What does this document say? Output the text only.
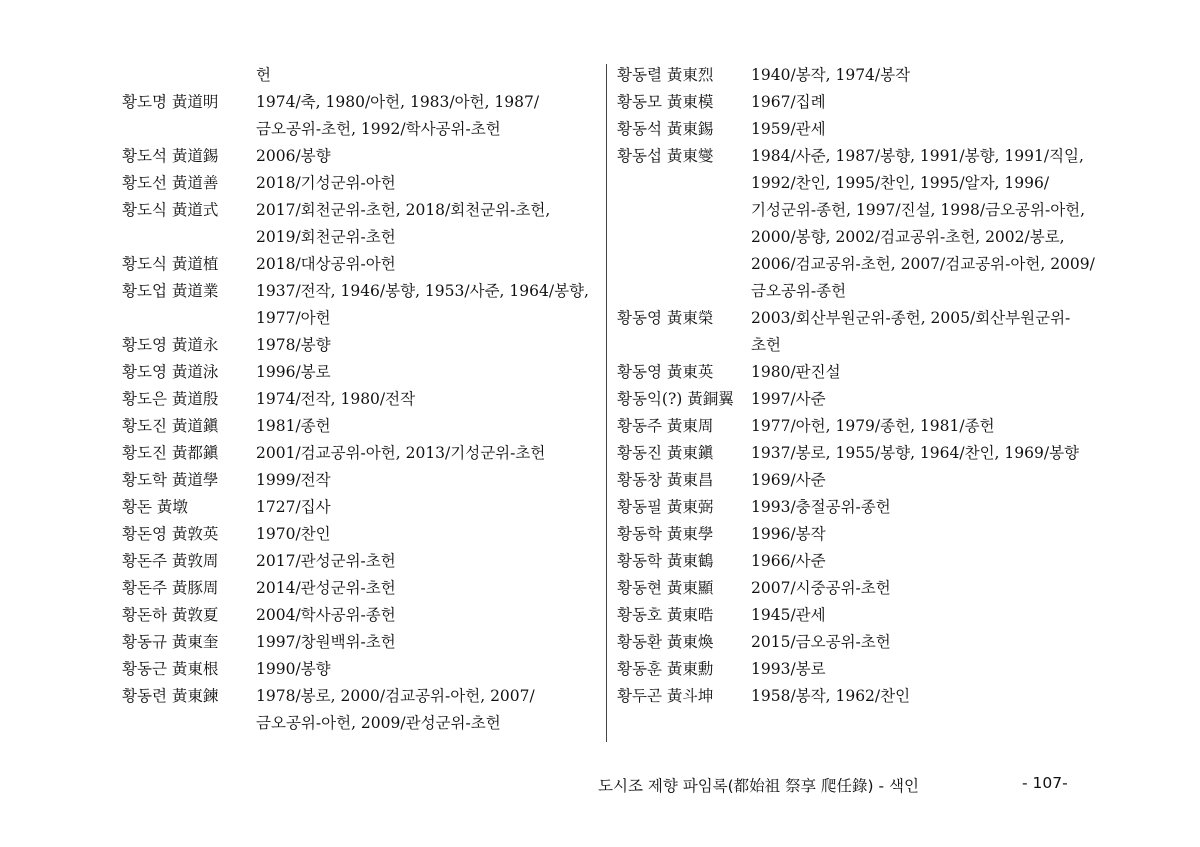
헌
황도명 黃道明 1974/축, 1980/아헌, 1983/아헌, 1987/금오공위-초헌, 1992/학사공위-초헌
황도석 黃道錫 2006/봉향
황도선 黃道善 2018/기성군위-아헌
황도식 黃道式 2017/회천군위-초헌, 2018/회천군위-초헌, 2019/회천군위-초헌
황도식 黃道植 2018/대상공위-아헌
황도업 黃道業 1937/전작, 1946/봉향, 1953/사준, 1964/봉향, 1977/아헌
황도영 黃道永 1978/봉향
황도영 黃道泳 1996/봉로
황도은 黃道殷 1974/전작, 1980/전작
황도진 黃道鎭 1981/종헌
황도진 黃都鎭 2001/검교공위-아헌, 2013/기성군위-초헌
황도학 黃道學 1999/전작
황돈 黃墩	1727/집사
황돈영 黃敦英 1970/찬인
황돈주 黃敦周 2017/관성군위-초헌
황돈주 黃豚周 2014/관성군위-초헌
황돈하 黃敦夏 2004/학사공위-종헌
황동규 黃東奎 1997/창원백위-초헌
황동근 黃東根 1990/봉향
황동련 黃東鍊 1978/봉로, 2000/검교공위-아헌, 2007/금오공위-아헌, 2009/관성군위-초헌
황동렬 黃東烈 1940/봉작, 1974/봉작
황동모 黃東模 1967/집례
황동석 黃東錫 1959/관세
황동섭 黃東燮 1984/사준, 1987/봉향, 1991/봉향, 1991/직일, 1992/찬인, 1995/찬인, 1995/알자, 1996/기성군위-종헌, 1997/진설, 1998/금오공위-아헌, 2000/봉향, 2002/검교공위-초헌, 2002/봉로, 2006/검교공위-초헌, 2007/검교공위-아헌, 2009/금오공위-종헌
황동영 黃東榮 2003/회산부원군위-종헌, 2005/회산부원군위-초헌
황동영 黃東英 1980/판진설
황동익(?) 黃銅翼 1997/사준
황동주 黃東周 1977/아헌, 1979/종헌, 1981/종헌
황동진 黃東鎭 1937/봉로, 1955/봉향, 1964/찬인, 1969/봉향
황동창 黃東昌 1969/사준
황동필 黃東弼 1993/충절공위-종헌
황동학 黃東學 1996/봉작
황동학 黃東鶴 1966/사준
황동현 黃東顯 2007/시중공위-초헌
황동호 黃東晧 1945/관세
황동환 黃東煥 2015/금오공위-초헌
황동훈 黃東勳 1993/봉로
황두곤 黃斗坤 1958/봉작, 1962/찬인
도시조 제향 파임록(都始祖 祭享 爬任錄) - 색인	- 107-
